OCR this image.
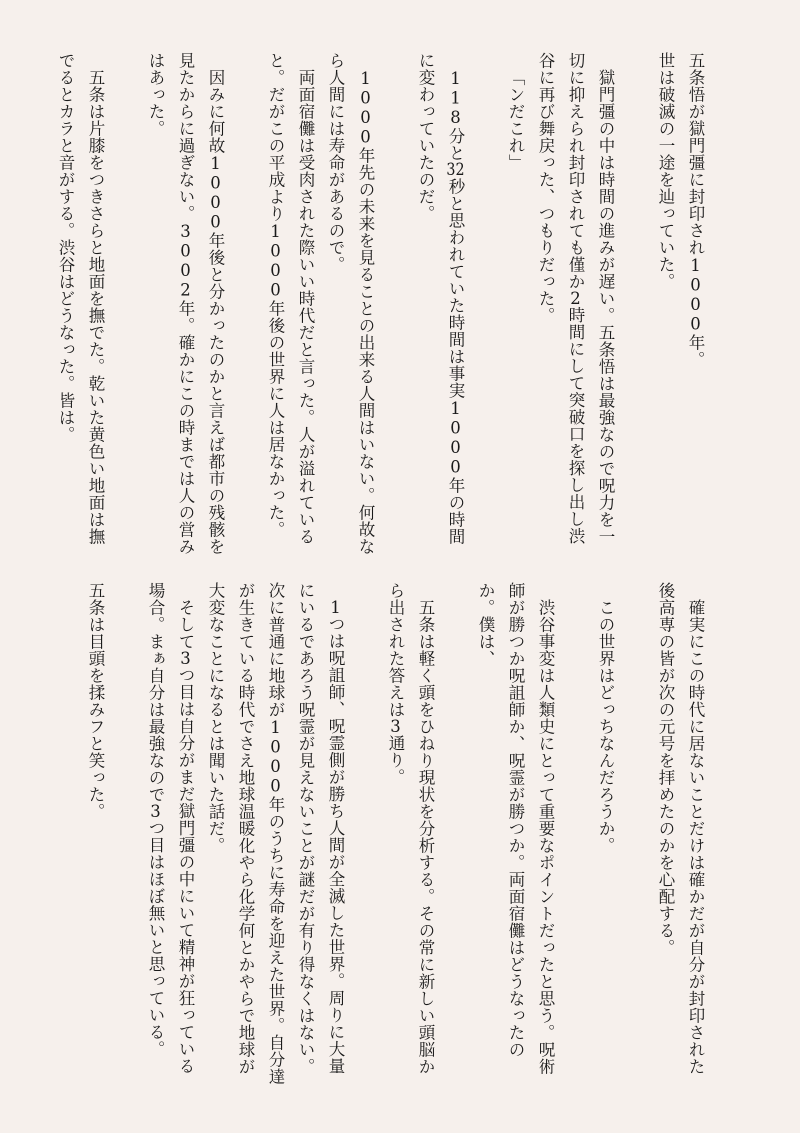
五条悟が獄門彊に封印され1000年。

世は破滅の一途を辿っていた。

獄門彊の中は時間の進みが遅い。五条悟は最強なので呪力を一切に抑えられ封印されても僅か2時間にして突破口を探し出し渋谷に再び舞戻った、つもりだった。

「ンだこれ」

118分と32秒と思われていた時間は事実1000年の時間に変わっていたのだ。

1000年先の未来を見ることの出来る人間はいない。何故なら人間には寿命があるので。

両面宿儺は受肉された際いい時代だと言った。人が溢れていると。だがこの平成より1000年後の世界に人は居なかった。

因みに何故1000年後と分かったのかと言えば都市の残骸を見たからに過ぎない。3002年。確かにこの時までは人の営みはあった。

五条は片膝をつきさらと地面を撫でた。乾いた黄色い地面は撫でるとカラと音がする。渋谷はどうなった。皆は。

確実にこの時代に居ないことだけは確かだが自分が封印された後高専の皆が次の元号を拝めたのかを心配する。

この世界はどっちなんだろうか。

渋谷事変は人類史にとって重要なポイントだったと思う。呪術師が勝つか呪詛師か、呪霊が勝つか。両面宿儺はどうなったのか。僕は、

五条は軽く頭をひねり現状を分析する。その常に新しい頭脳から出された答えは3通り。

1つは呪詛師、呪霊側が勝ち人間が全滅した世界。周りに大量にいるであろう呪霊が見えないことが謎だが有り得なくはない。

次に普通に地球が1000年のうちに寿命を迎えた世界。自分達が生きている時代でさえ地球温暖化やら化学何とかやらで地球が大変なことになるとは聞いた話だ。

そして3つ目は自分がまだ獄門彊の中にいて精神が狂っている場合。まぁ自分は最強なので3つ目はほぼ無いと思っている。

五条は目頭を揉みフと笑った。
